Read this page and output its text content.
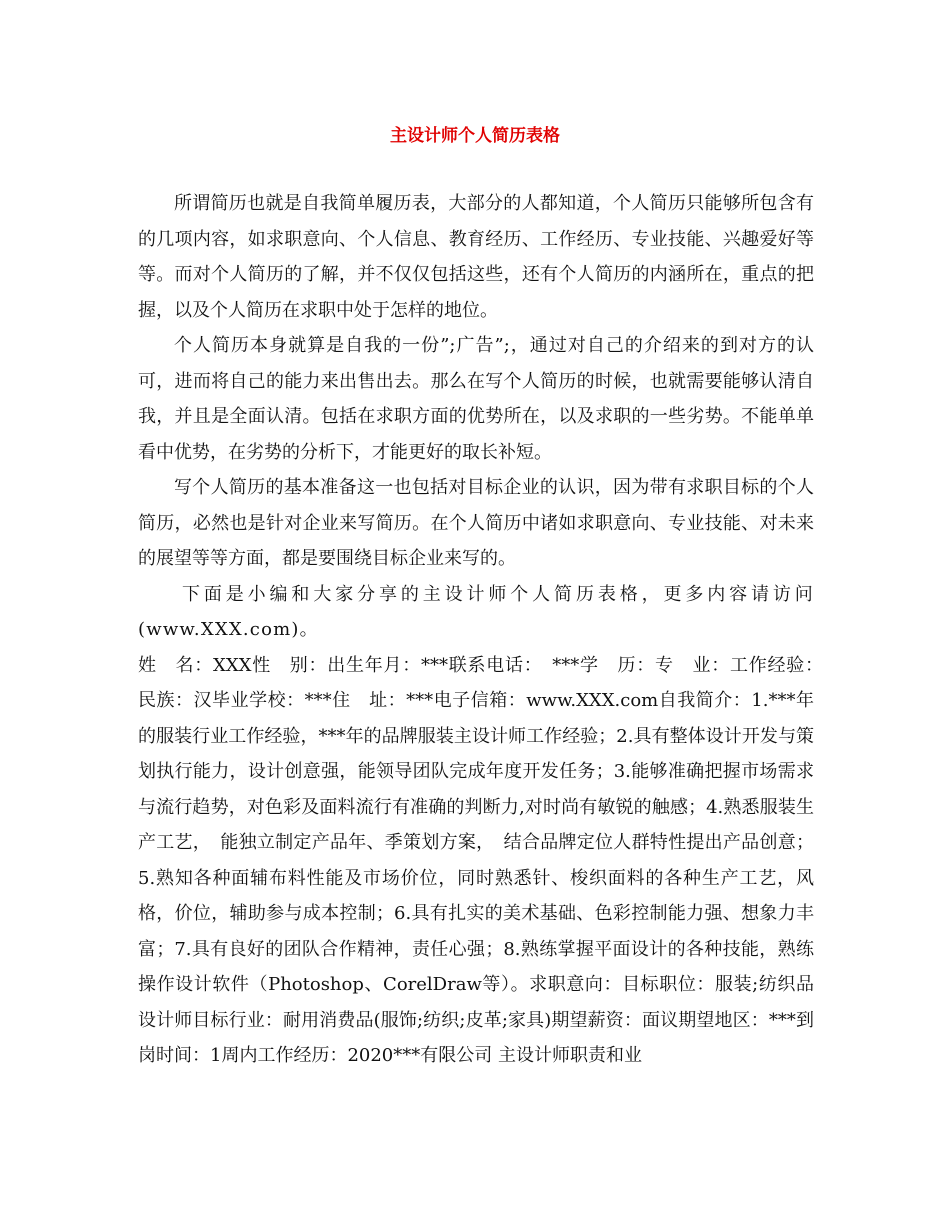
主设计师个人简历表格

所谓简历也就是自我简单履历表，大部分的人都知道，个人简历只能够所包含有的几项内容，如求职意向、个人信息、教育经历、工作经历、专业技能、兴趣爱好等等。而对个人简历的了解，并不仅仅包括这些，还有个人简历的内涵所在，重点的把握，以及个人简历在求职中处于怎样的地位。

个人简历本身就算是自我的一份”;广告”;，通过对自己的介绍来的到对方的认可，进而将自己的能力来出售出去。那么在写个人简历的时候，也就需要能够认清自我，并且是全面认清。包括在求职方面的优势所在，以及求职的一些劣势。不能单单看中优势，在劣势的分析下，才能更好的取长补短。

写个人简历的基本准备这一也包括对目标企业的认识，因为带有求职目标的个人简历，必然也是针对企业来写简历。在个人简历中诸如求职意向、专业技能、对未来的展望等等方面，都是要围绕目标企业来写的。

下面是小编和大家分享的主设计师个人简历表格，更多内容请访问(www.XXX.com)。

姓　名：XXX性　别：出生年月：***联系电话：　***学　历：专　业：工作经验：　民族：汉毕业学校：***住　址：***电子信箱：www.XXX.com自我简介：1.***年的服装行业工作经验，***年的品牌服装主设计师工作经验；2.具有整体设计开发与策划执行能力，设计创意强，能领导团队完成年度开发任务；3.能够准确把握市场需求与流行趋势，对色彩及面料流行有准确的判断力,对时尚有敏锐的触感；4.熟悉服装生产工艺，　能独立制定产品年、季策划方案，　结合品牌定位人群特性提出产品创意；5.熟知各种面辅布料性能及市场价位，同时熟悉针、梭织面料的各种生产工艺，风格，价位，辅助参与成本控制；6.具有扎实的美术基础、色彩控制能力强、想象力丰富；7.具有良好的团队合作精神，责任心强；8.熟练掌握平面设计的各种技能，熟练操作设计软件（Photoshop、CorelDraw等）。求职意向：目标职位：服装;纺织品设计师目标行业：耐用消费品(服饰;纺织;皮革;家具)期望薪资：面议期望地区：***到岗时间：1周内工作经历：2020***有限公司 主设计师职责和业
